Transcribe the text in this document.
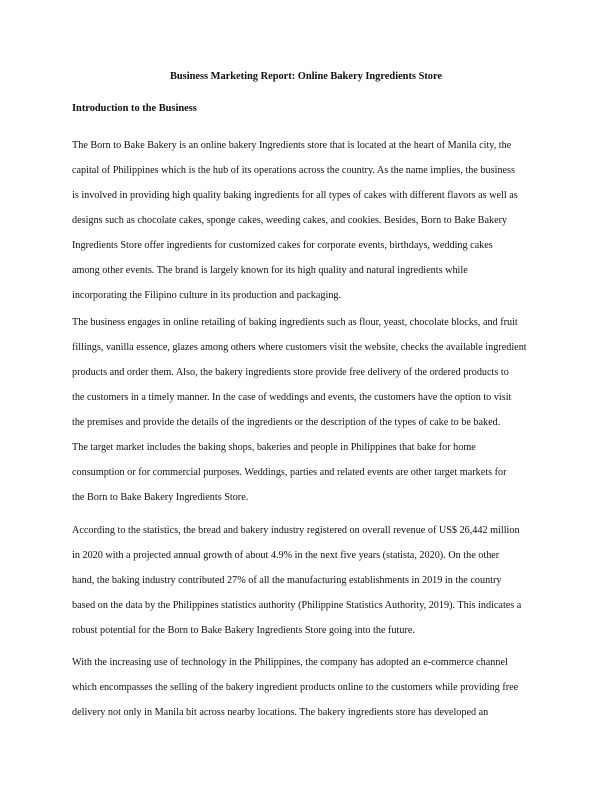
Business Marketing Report: Online Bakery Ingredients Store
Introduction to the Business

The Born to Bake Bakery is an online bakery Ingredients store that is located at the heart of Manila city, the
capital of Philippines which is the hub of its operations across the country. As the name implies, the business
is involved in providing high quality baking ingredients for all types of cakes with different flavors as well as
designs such as chocolate cakes, sponge cakes, weeding cakes, and cookies. Besides, Born to Bake Bakery
Ingredients Store offer ingredients for customized cakes for corporate events, birthdays, wedding cakes
among other events. The brand is largely known for its high quality and natural ingredients while
incorporating the Filipino culture in its production and packaging.

The business engages in online retailing of baking ingredients such as flour, yeast, chocolate blocks, and fruit
fillings, vanilla essence, glazes among others where customers visit the website, checks the available ingredient
products and order them. Also, the bakery ingredients store provide free delivery of the ordered products to
the customers in a timely manner. In the case of weddings and events, the customers have the option to visit
the premises and provide the details of the ingredients or the description of the types of cake to be baked.
The target market includes the baking shops, bakeries and people in Philippines that bake for home
consumption or for commercial purposes. Weddings, parties and related events are other target markets for
the Born to Bake Bakery Ingredients Store.

According to the statistics, the bread and bakery industry registered on overall revenue of US$ 26,442 million
in 2020 with a projected annual growth of about 4.9% in the next five years (statista, 2020). On the other
hand, the baking industry contributed 27% of all the manufacturing establishments in 2019 in the country
based on the data by the Philippines statistics authority (Philippine Statistics Authority, 2019). This indicates a
robust potential for the Born to Bake Bakery Ingredients Store going into the future.

With the increasing use of technology in the Philippines, the company has adopted an e-commerce channel
which encompasses the selling of the bakery ingredient products online to the customers while providing free
delivery not only in Manila bit across nearby locations. The bakery ingredients store has developed an
